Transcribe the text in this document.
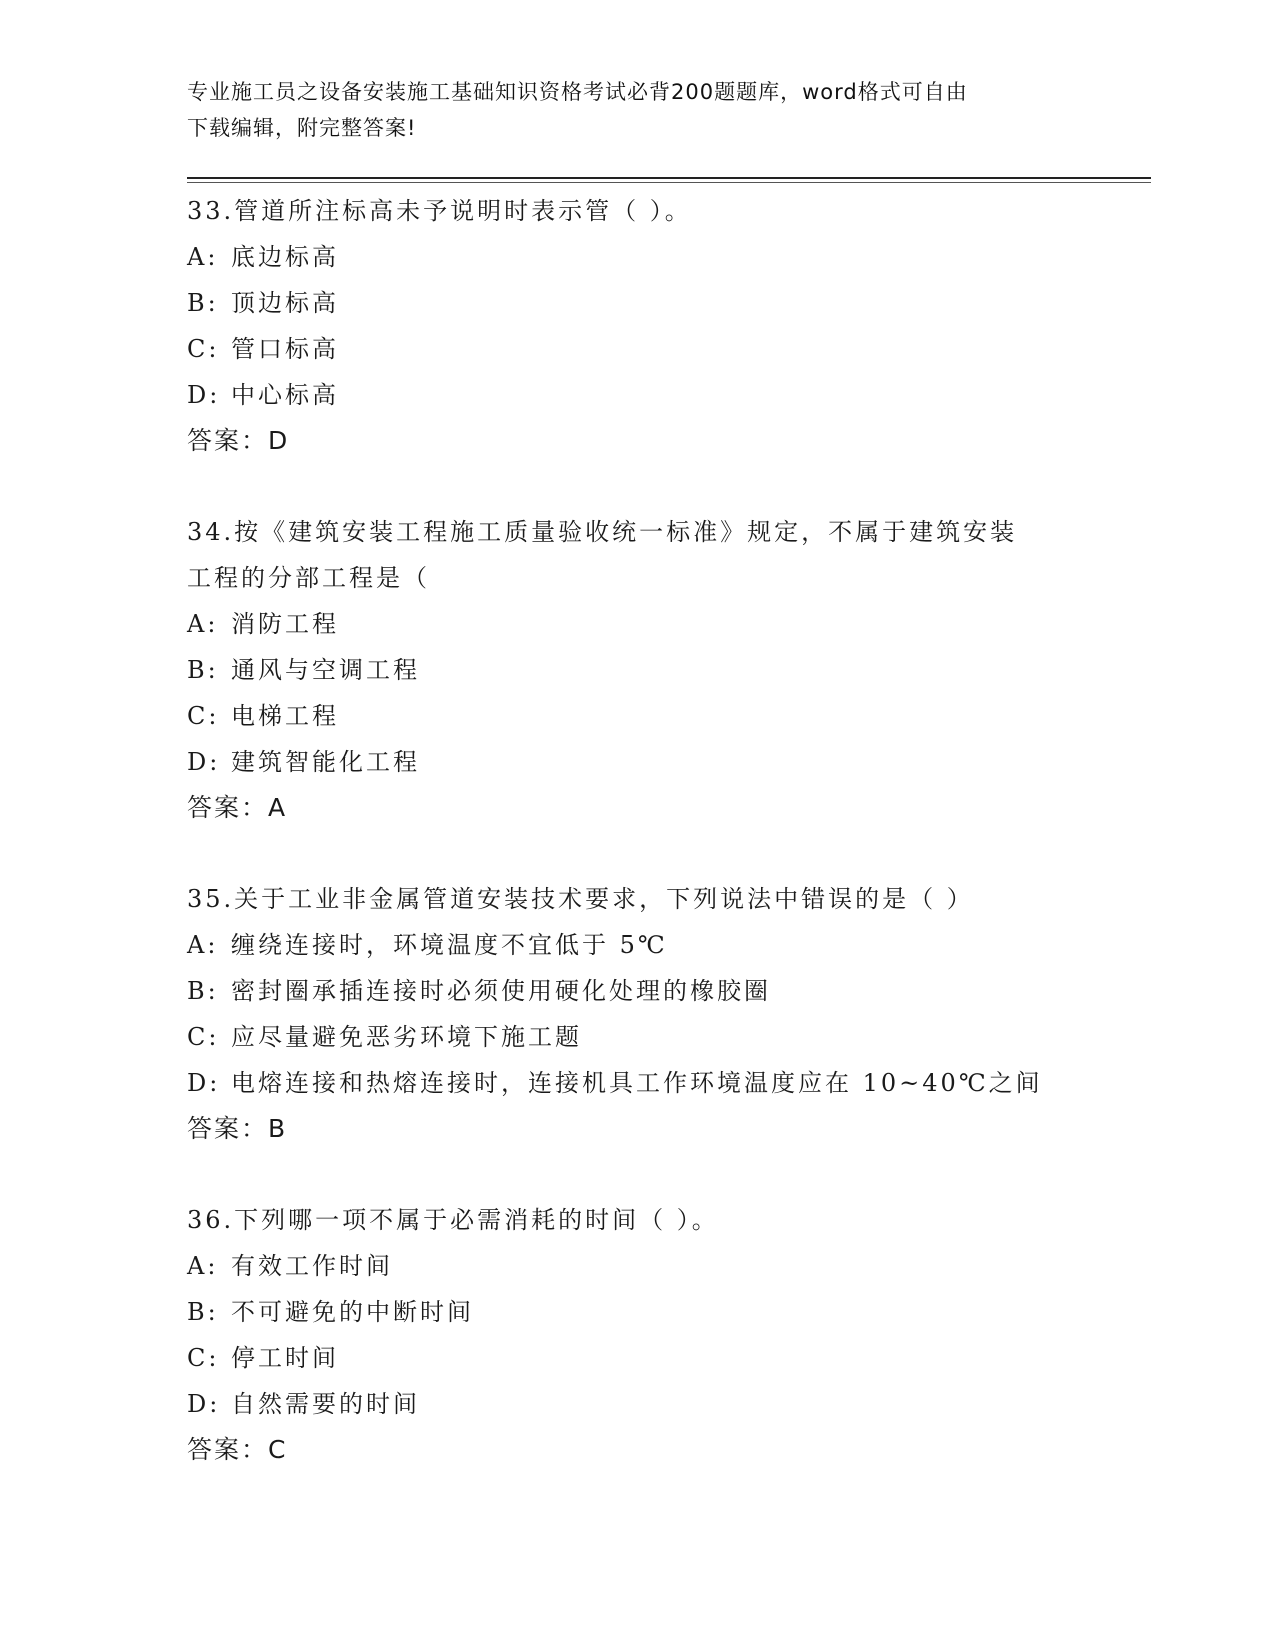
专业施工员之设备安装施工基础知识资格考试必背200题题库，word格式可自由
下载编辑，附完整答案!

33.管道所注标高未予说明时表示管（ ）。

A: 底边标高

B: 顶边标高

C: 管口标高

D: 中心标高

答案：D

34.按《建筑安装工程施工质量验收统一标准》规定，不属于建筑安装

工程的分部工程是（

A: 消防工程

B: 通风与空调工程

C: 电梯工程

D: 建筑智能化工程

答案：A

35.关于工业非金属管道安装技术要求，下列说法中错误的是（ ）

A: 缠绕连接时，环境温度不宜低于 5℃

B: 密封圈承插连接时必须使用硬化处理的橡胶圈

C: 应尽量避免恶劣环境下施工题

D: 电熔连接和热熔连接时，连接机具工作环境温度应在 10~40℃之间

答案：B

36.下列哪一项不属于必需消耗的时间（ ）。

A: 有效工作时间

B: 不可避免的中断时间

C: 停工时间

D: 自然需要的时间

答案：C
